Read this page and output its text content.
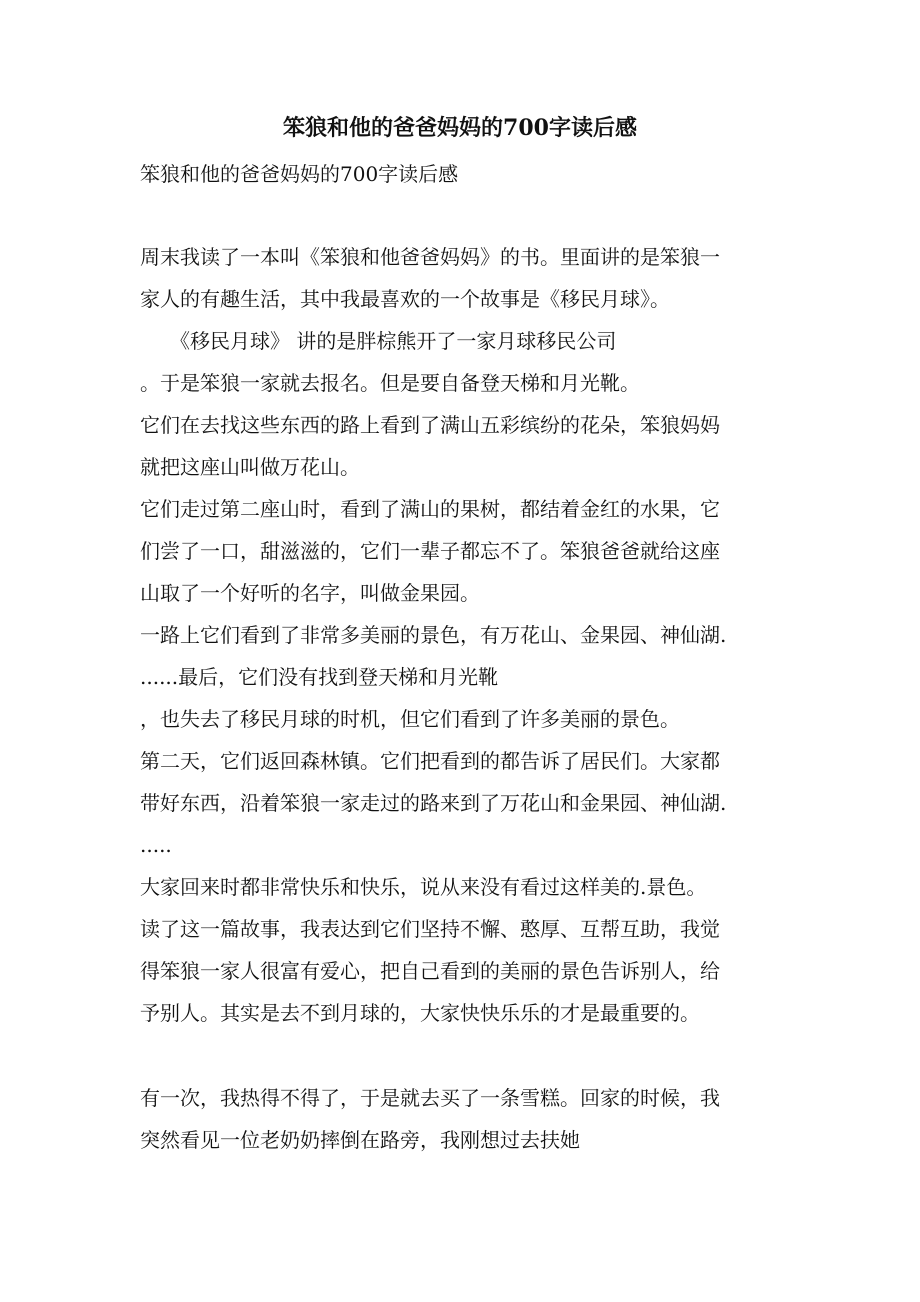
笨狼和他的爸爸妈妈的700字读后感
笨狼和他的爸爸妈妈的700字读后感
周末我读了一本叫《笨狼和他爸爸妈妈》的书。里面讲的是笨狼一
家人的有趣生活，其中我最喜欢的一个故事是《移民月球》。
　　《移民月球》 讲的是胖棕熊开了一家月球移民公司
。于是笨狼一家就去报名。但是要自备登天梯和月光靴。
它们在去找这些东西的路上看到了满山五彩缤纷的花朵，笨狼妈妈
就把这座山叫做万花山。
它们走过第二座山时，看到了满山的果树，都结着金红的水果，它
们尝了一口，甜滋滋的，它们一辈子都忘不了。笨狼爸爸就给这座
山取了一个好听的名字，叫做金果园。
一路上它们看到了非常多美丽的景色，有万花山、金果园、神仙湖.
......最后，它们没有找到登天梯和月光靴
，也失去了移民月球的时机，但它们看到了许多美丽的景色。
第二天，它们返回森林镇。它们把看到的都告诉了居民们。大家都
带好东西，沿着笨狼一家走过的路来到了万花山和金果园、神仙湖.
.....
大家回来时都非常快乐和快乐，说从来没有看过这样美的.景色。
读了这一篇故事，我表达到它们坚持不懈、憨厚、互帮互助，我觉
得笨狼一家人很富有爱心，把自己看到的美丽的景色告诉别人，给
予别人。其实是去不到月球的，大家快快乐乐的才是最重要的。
有一次，我热得不得了，于是就去买了一条雪糕。回家的时候，我
突然看见一位老奶奶摔倒在路旁，我刚想过去扶她
